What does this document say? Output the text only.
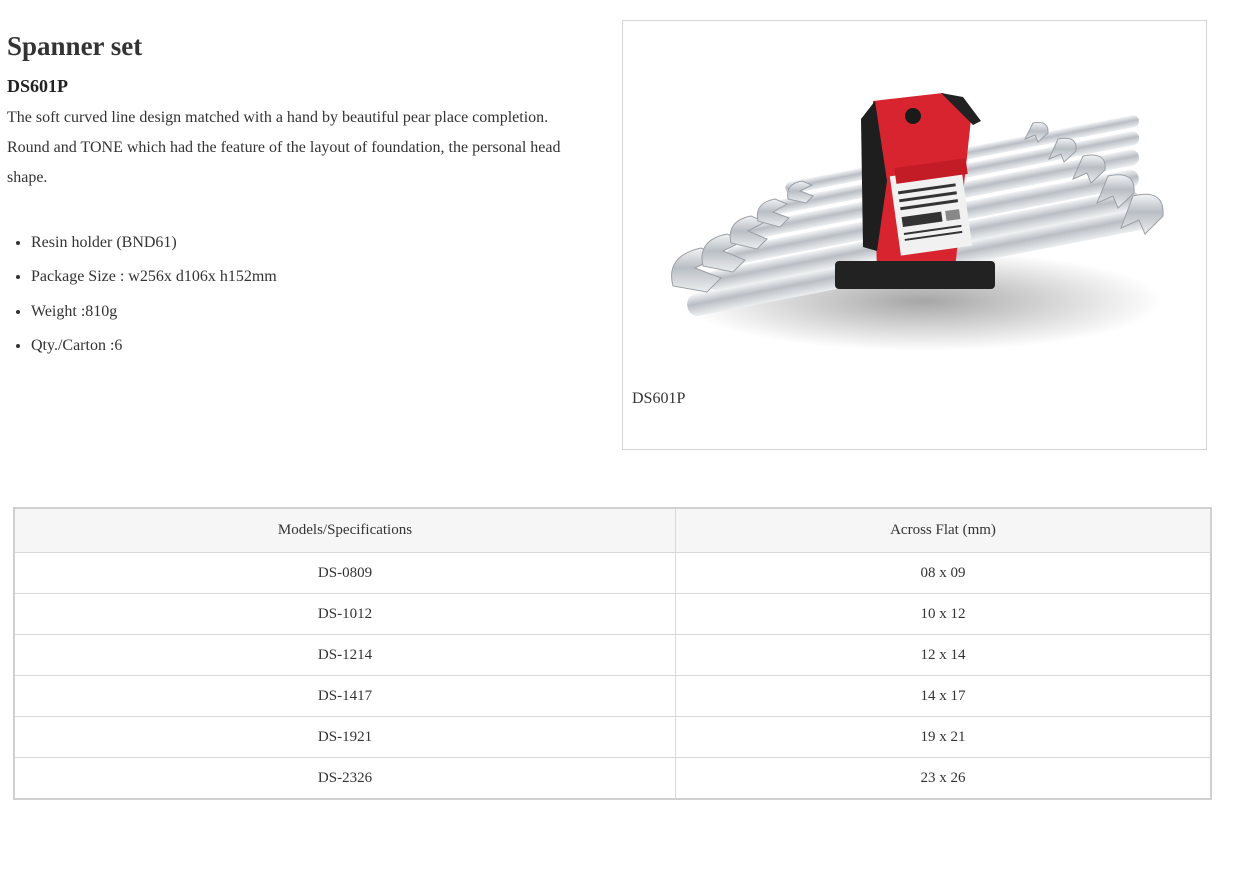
Spanner set
DS601P
The soft curved line design matched with a hand by beautiful pear place completion.
Round and TONE which had the feature of the layout of foundation, the personal head shape.
• Resin holder (BND61)
• Package Size : w256x d106x h152mm
• Weight :810g
• Qty./Carton :6
DS601P
Models/Specifications	Across Flat (mm)
DS-0809	08 x 09
DS-1012	10 x 12
DS-1214	12 x 14
DS-1417	14 x 17
DS-1921	19 x 21
DS-2326	23 x 26
